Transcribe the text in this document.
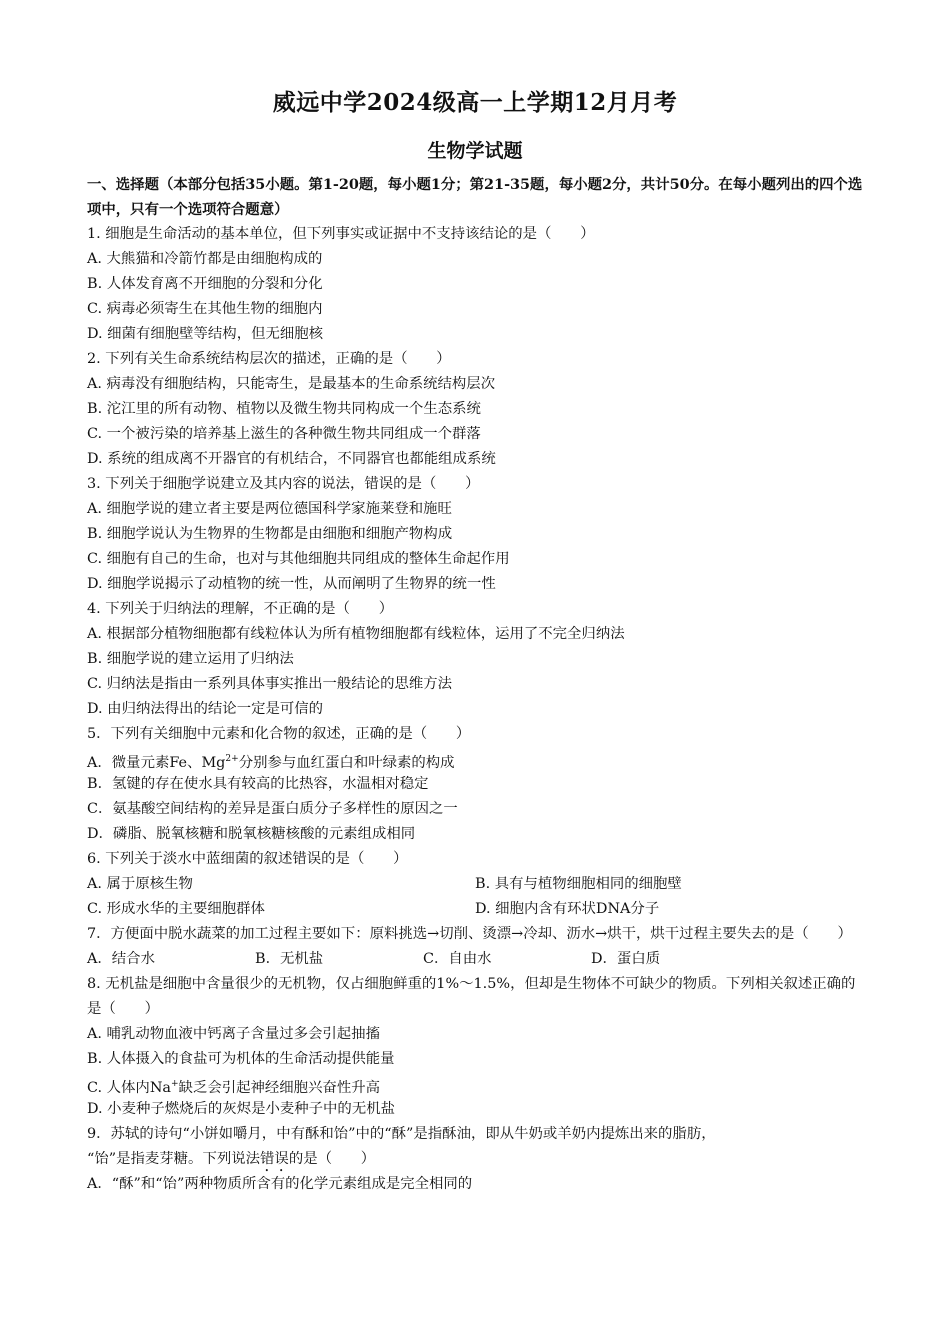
威远中学2024级高一上学期12月月考
生物学试题

一、选择题（本部分包括35小题。第1-20题，每小题1分；第21-35题，每小题2分，共计50分。在每小题列出的四个选项中，只有一个选项符合题意）

1. 细胞是生命活动的基本单位，但下列事实或证据中不支持该结论的是（　　）

A. 大熊猫和冷箭竹都是由细胞构成的

B. 人体发育离不开细胞的分裂和分化

C. 病毒必须寄生在其他生物的细胞内

D. 细菌有细胞壁等结构，但无细胞核

2. 下列有关生命系统结构层次的描述，正确的是（　　）

A. 病毒没有细胞结构，只能寄生，是最基本的生命系统结构层次

B. 沱江里的所有动物、植物以及微生物共同构成一个生态系统

C. 一个被污染的培养基上滋生的各种微生物共同组成一个群落

D. 系统的组成离不开器官的有机结合，不同器官也都能组成系统

3. 下列关于细胞学说建立及其内容的说法，错误的是（　　）

A. 细胞学说的建立者主要是两位德国科学家施莱登和施旺

B. 细胞学说认为生物界的生物都是由细胞和细胞产物构成

C. 细胞有自己的生命，也对与其他细胞共同组成的整体生命起作用

D. 细胞学说揭示了动植物的统一性，从而阐明了生物界的统一性

4. 下列关于归纳法的理解，不正确的是（　　）

A. 根据部分植物细胞都有线粒体认为所有植物细胞都有线粒体，运用了不完全归纳法

B. 细胞学说的建立运用了归纳法

C. 归纳法是指由一系列具体事实推出一般结论的思维方法

D. 由归纳法得出的结论一定是可信的

5．下列有关细胞中元素和化合物的叙述，正确的是（　　）

A．微量元素Fe、$Mg^{2+}$分别参与血红蛋白和叶绿素的构成

B．氢键的存在使水具有较高的比热容，水温相对稳定

C．氨基酸空间结构的差异是蛋白质分子多样性的原因之一

D．磷脂、脱氧核糖和脱氧核糖核酸的元素组成相同

6. 下列关于淡水中蓝细菌的叙述错误的是（　　）

A. 属于原核生物	B. 具有与植物细胞相同的细胞壁
C. 形成水华的主要细胞群体	D. 细胞内含有环状DNA分子

7．方便面中脱水蔬菜的加工过程主要如下：原料挑选→切削、烫漂→冷却、沥水→烘干，烘干过程主要失去的是（　　）

A．结合水	B．无机盐	C．自由水	D．蛋白质

8. 无机盐是细胞中含量很少的无机物，仅占细胞鲜重的1%～1.5%，但却是生物体不可缺少的物质。下列相关叙述正确的是（　　）

A. 哺乳动物血液中钙离子含量过多会引起抽搐

B. 人体摄入的食盐可为机体的生命活动提供能量

C. 人体内Na+缺乏会引起神经细胞兴奋性升高

D. 小麦种子燃烧后的灰烬是小麦种子中的无机盐

9．苏轼的诗句“小饼如嚼月，中有酥和饴”中的“酥”是指酥油，即从牛奶或羊奶内提炼出来的脂肪，

“饴”是指麦芽糖。下列说法错误的是（　　）

A．“酥”和“饴”两种物质所含有的化学元素组成是完全相同的
